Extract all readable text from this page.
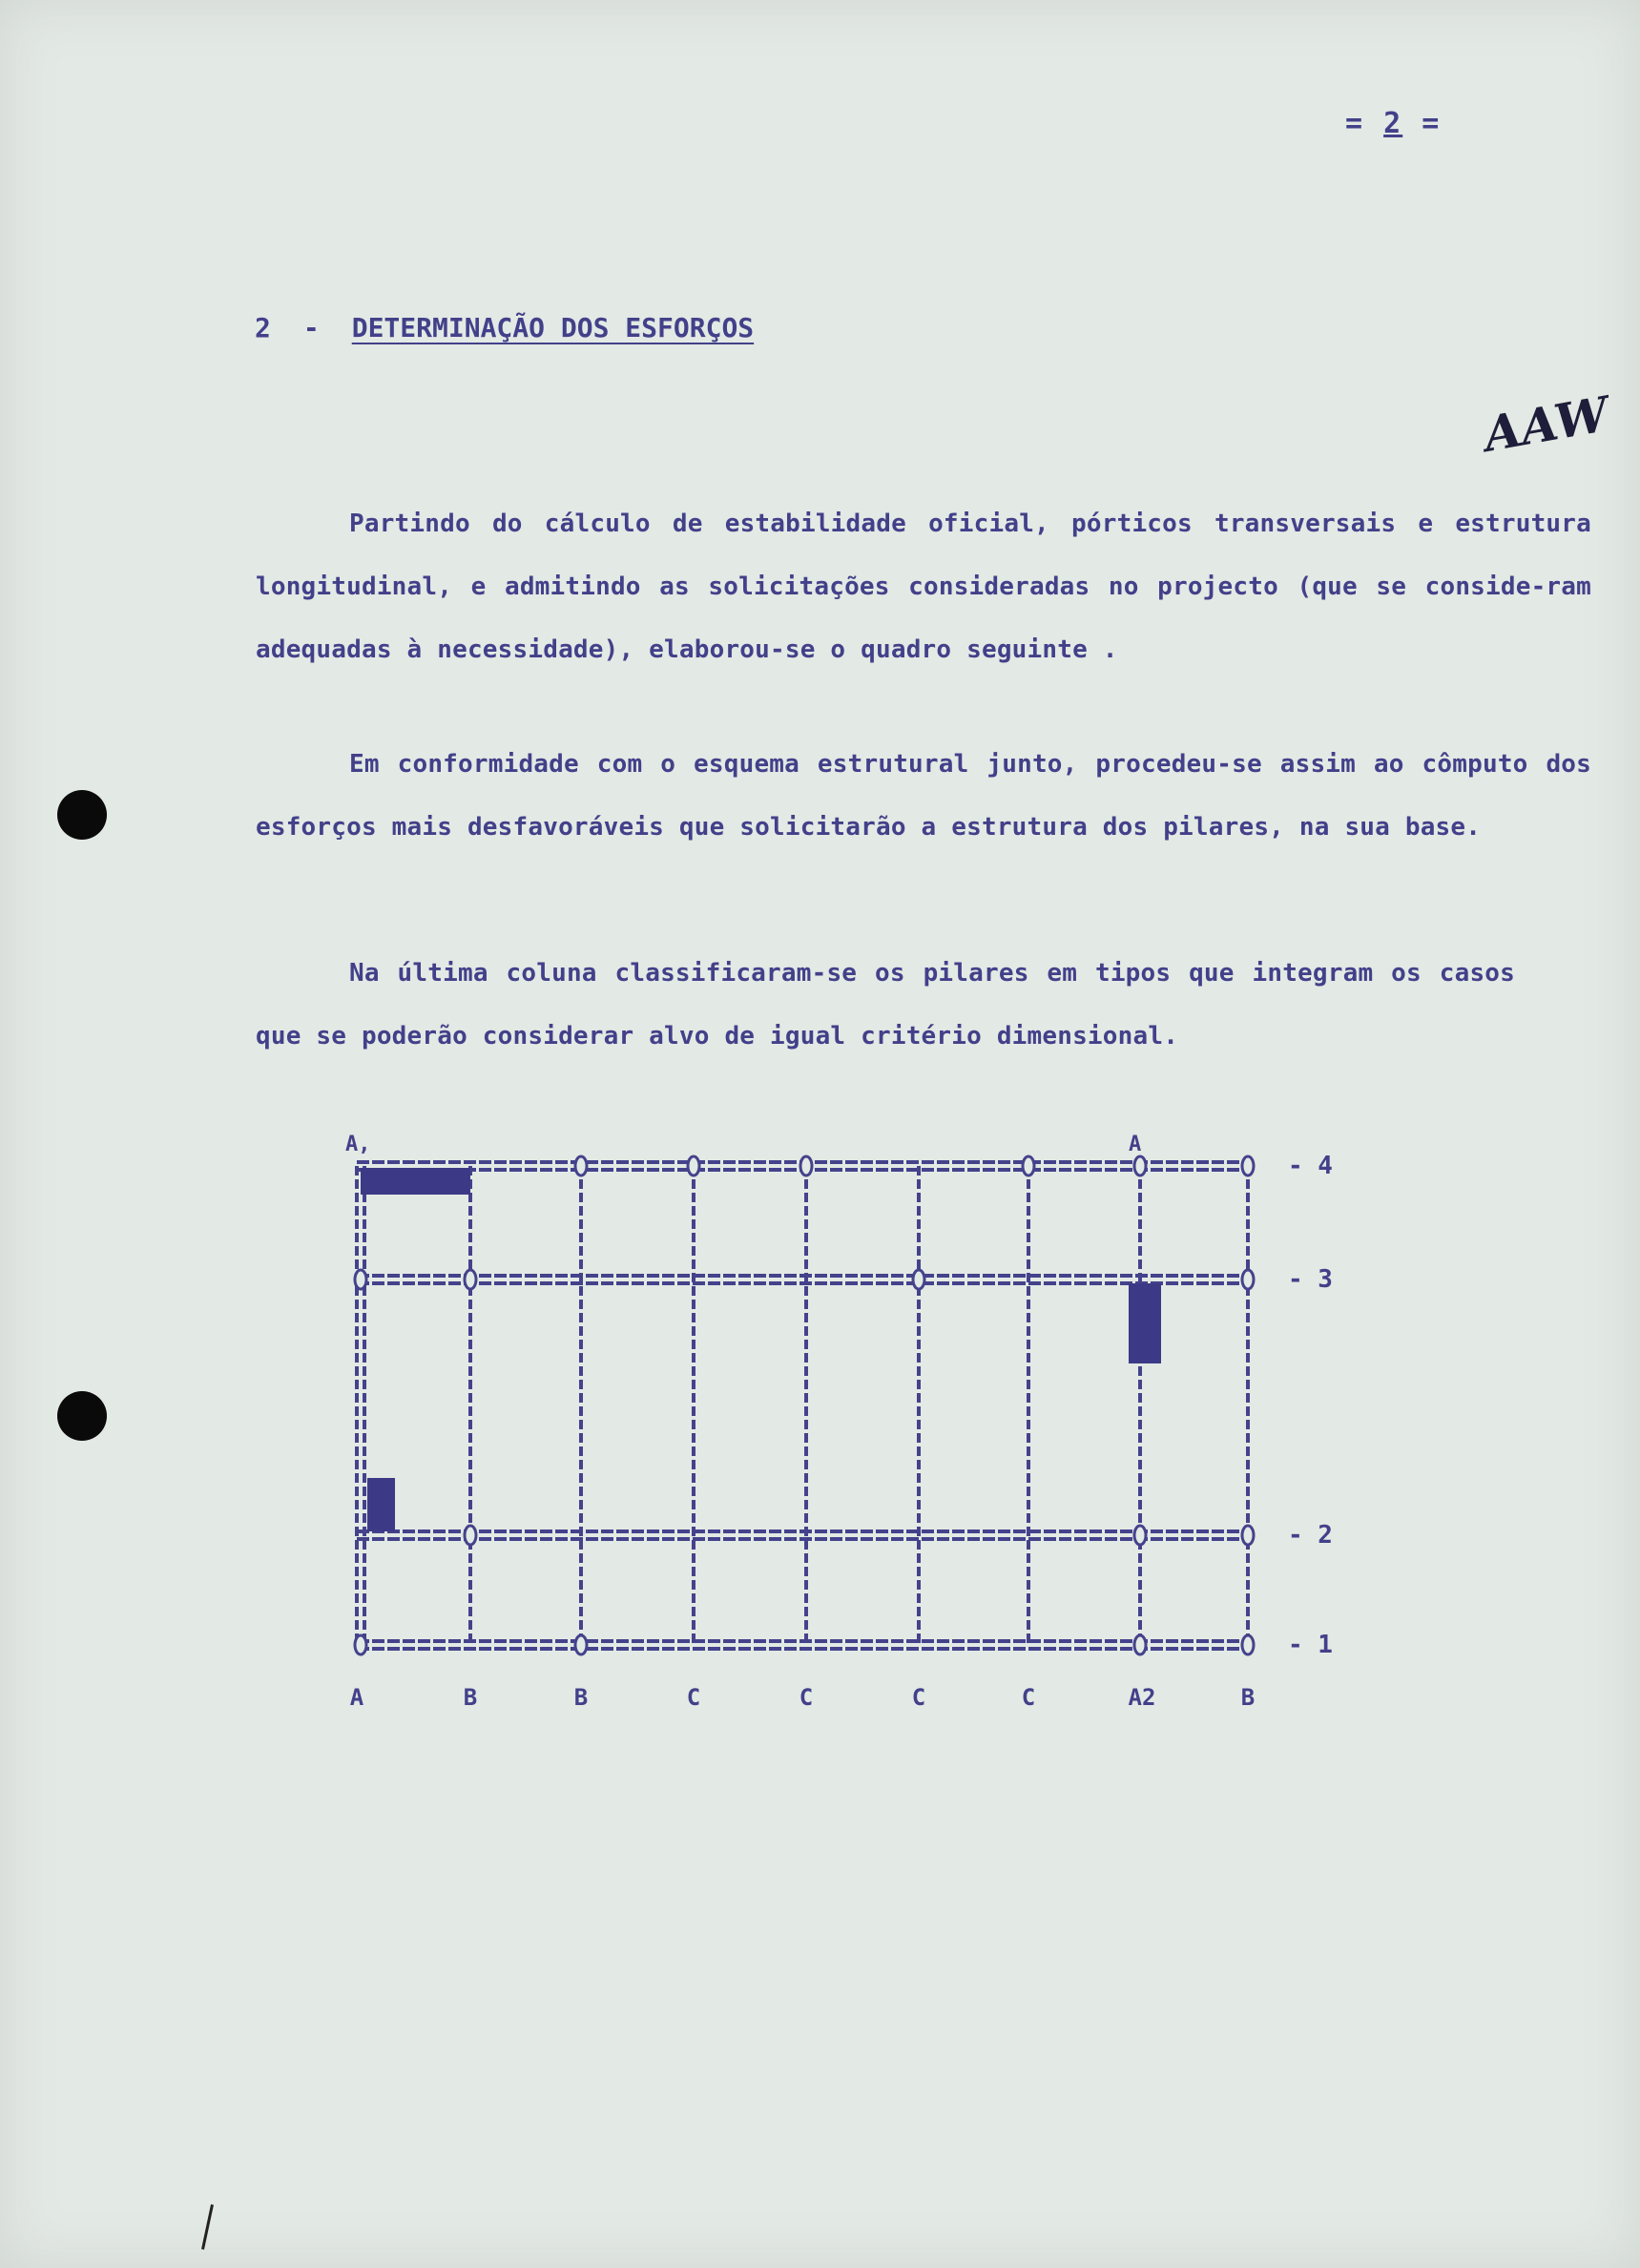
= 2 =
2 - DETERMINAÇÃO DOS ESFORÇOS
AAW

Partindo do cálculo de estabilidade oficial, pórticos transversais e estrutura longitudinal, e admitindo as solicitações consideradas no projecto (que se conside-ram adequadas à necessidade), elaborou-se o quadro seguinte .

Em conformidade com o esquema estrutural junto, procedeu-se assim ao cômputo dos esforços mais desfavoráveis que solicitarão a estrutura dos pilares, na sua base.

Na última coluna classificaram-se os pilares em tipos que integram os casos que se poderão considerar alvo de igual critério dimensional.

A,	A
- 4
- 3
- 2
- 1
A	B	B	C	C	C	C	A2	B
